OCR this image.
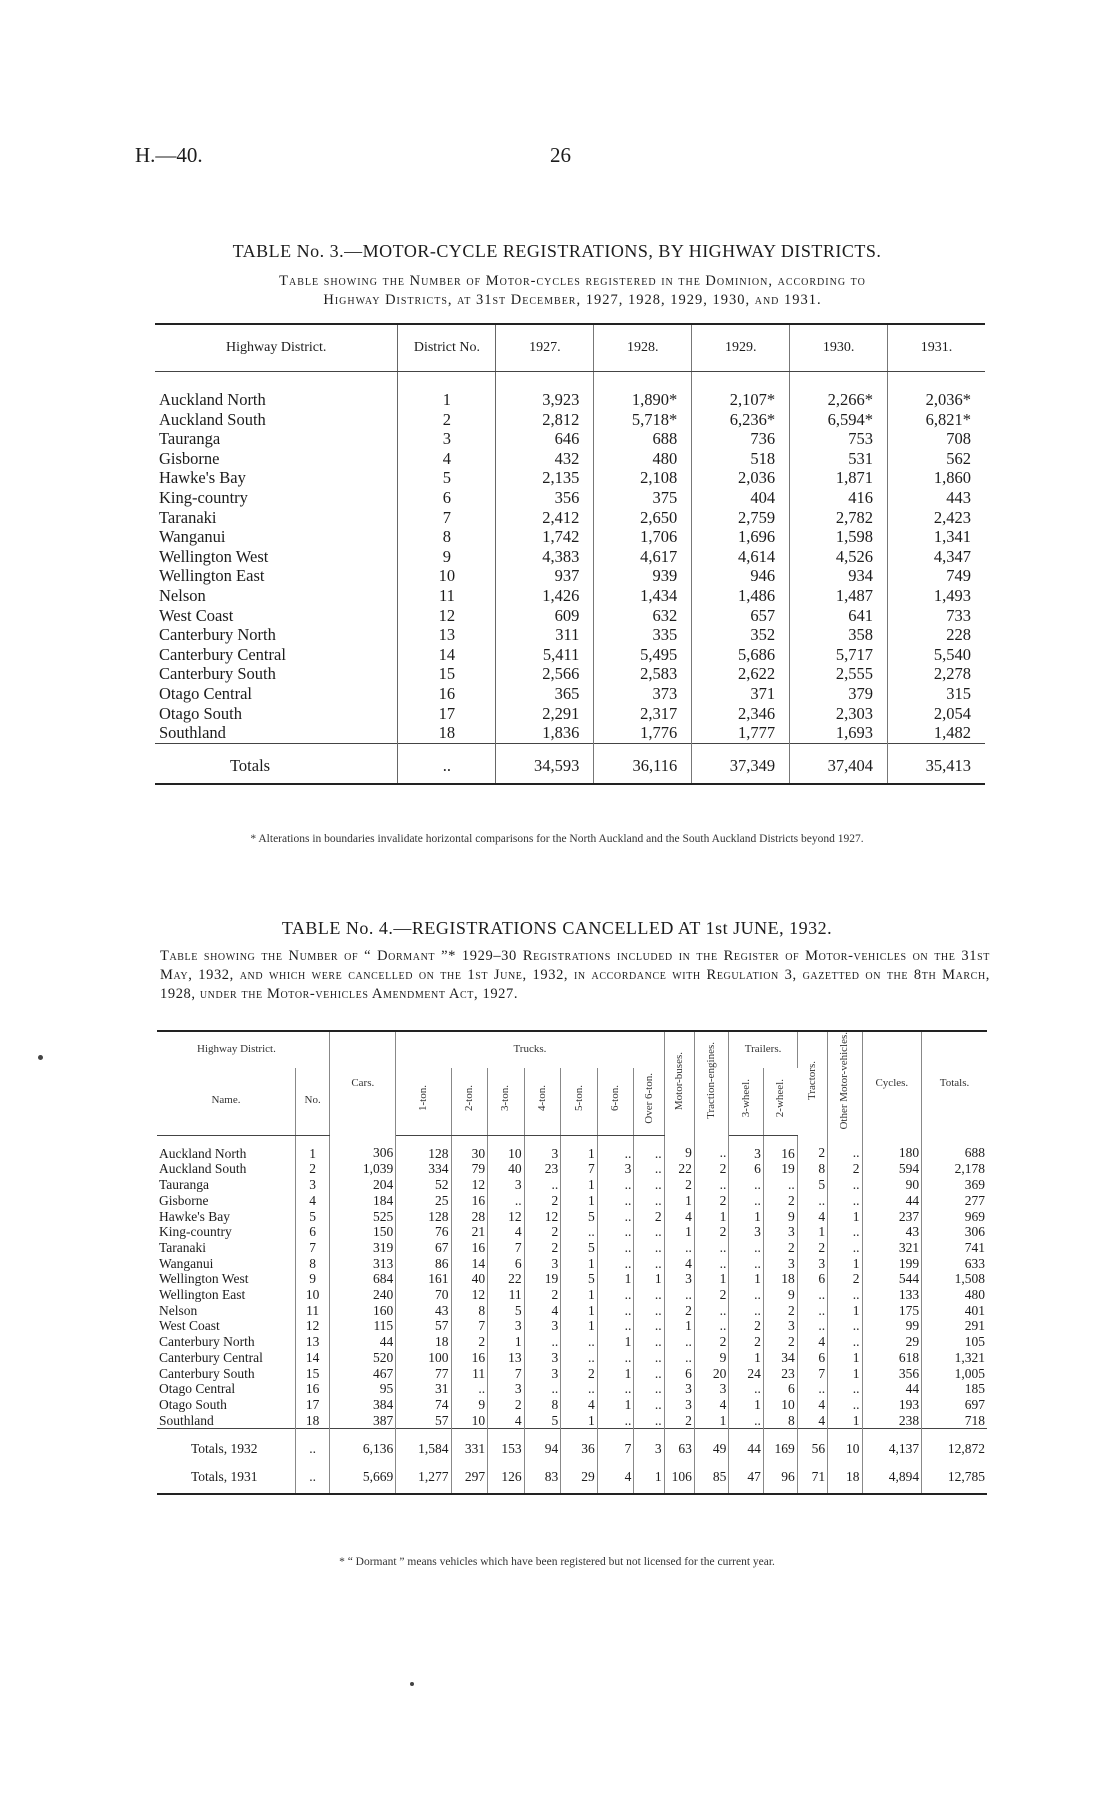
H.—40.	26
TABLE No. 3.—MOTOR-CYCLE REGISTRATIONS, BY HIGHWAY DISTRICTS.
Table showing the Number of Motor-cycles registered in the Dominion, according to
Highway Districts, at 31st December, 1927, 1928, 1929, 1930, and 1931.
Highway District.	District No.	1927.	1928.	1929.	1930.	1931.
Auckland North	1	3,923	1,890*	2,107*	2,266*	2,036*
Auckland South	2	2,812	5,718*	6,236*	6,594*	6,821*
Tauranga	3	646	688	736	753	708
Gisborne	4	432	480	518	531	562
Hawke's Bay	5	2,135	2,108	2,036	1,871	1,860
King-country	6	356	375	404	416	443
Taranaki	7	2,412	2,650	2,759	2,782	2,423
Wanganui	8	1,742	1,706	1,696	1,598	1,341
Wellington West	9	4,383	4,617	4,614	4,526	4,347
Wellington East	10	937	939	946	934	749
Nelson	11	1,426	1,434	1,486	1,487	1,493
West Coast	12	609	632	657	641	733
Canterbury North	13	311	335	352	358	228
Canterbury Central	14	5,411	5,495	5,686	5,717	5,540
Canterbury South	15	2,566	2,583	2,622	2,555	2,278
Otago Central	16	365	373	371	379	315
Otago South	17	2,291	2,317	2,346	2,303	2,054
Southland	18	1,836	1,776	1,777	1,693	1,482
Totals	..	34,593	36,116	37,349	37,404	35,413
* Alterations in boundaries invalidate horizontal comparisons for the North Auckland and the South Auckland Districts beyond 1927.
TABLE No. 4.—REGISTRATIONS CANCELLED AT 1st JUNE, 1932.
Table showing the Number of “ Dormant ”* 1929–30 Registrations included in the Register of Motor-vehicles on the 31st May, 1932, and which were cancelled on the 1st June, 1932, in accordance with Regulation 3, gazetted on the 8th March, 1928, under the Motor-vehicles Amendment Act, 1927.
Highway District.		Cars.	Trucks.							Motor-buses.	Traction-engines.	Trailers.		Tractors.	Other Motor-vehicles.	Cycles.	Totals.
Name.	No.		1-ton.	2-ton.	3-ton.	4-ton.	5-ton.	6-ton.	Over 6-ton.			3-wheel.	2-wheel.				
Auckland North	1	306	128	30	10	3	1	..	..	9	..	3	16	2	..	180	688
Auckland South	2	1,039	334	79	40	23	7	3	..	22	2	6	19	8	2	594	2,178
Tauranga	3	204	52	12	3	..	1	..	..	2	..	..	..	5	..	90	369
Gisborne	4	184	25	16	..	2	1	..	..	1	2	..	2	..	..	44	277
Hawke's Bay	5	525	128	28	12	12	5	..	2	4	1	1	9	4	1	237	969
King-country	6	150	76	21	4	2	..	..	..	1	2	3	3	1	..	43	306
Taranaki	7	319	67	16	7	2	5	..	..	..	..	..	2	2	..	321	741
Wanganui	8	313	86	14	6	3	1	..	..	4	..	..	3	3	1	199	633
Wellington West	9	684	161	40	22	19	5	1	1	3	1	1	18	6	2	544	1,508
Wellington East	10	240	70	12	11	2	1	..	..	..	2	..	9	..	..	133	480
Nelson	11	160	43	8	5	4	1	..	..	2	..	..	2	..	1	175	401
West Coast	12	115	57	7	3	3	1	..	..	1	..	2	3	..	..	99	291
Canterbury North	13	44	18	2	1	..	..	1	..	..	2	2	2	4	..	29	105
Canterbury Central	14	520	100	16	13	3	..	..	..	..	9	1	34	6	1	618	1,321
Canterbury South	15	467	77	11	7	3	2	1	..	6	20	24	23	7	1	356	1,005
Otago Central	16	95	31	..	3	..	..	..	..	3	3	..	6	..	..	44	185
Otago South	17	384	74	9	2	8	4	1	..	3	4	1	10	4	..	193	697
Southland	18	387	57	10	4	5	1	..	..	2	1	..	8	4	1	238	718
Totals, 1932	..	6,136	1,584	331	153	94	36	7	3	63	49	44	169	56	10	4,137	12,872
Totals, 1931	..	5,669	1,277	297	126	83	29	4	1	106	85	47	96	71	18	4,894	12,785
* “ Dormant ” means vehicles which have been registered but not licensed for the current year.
